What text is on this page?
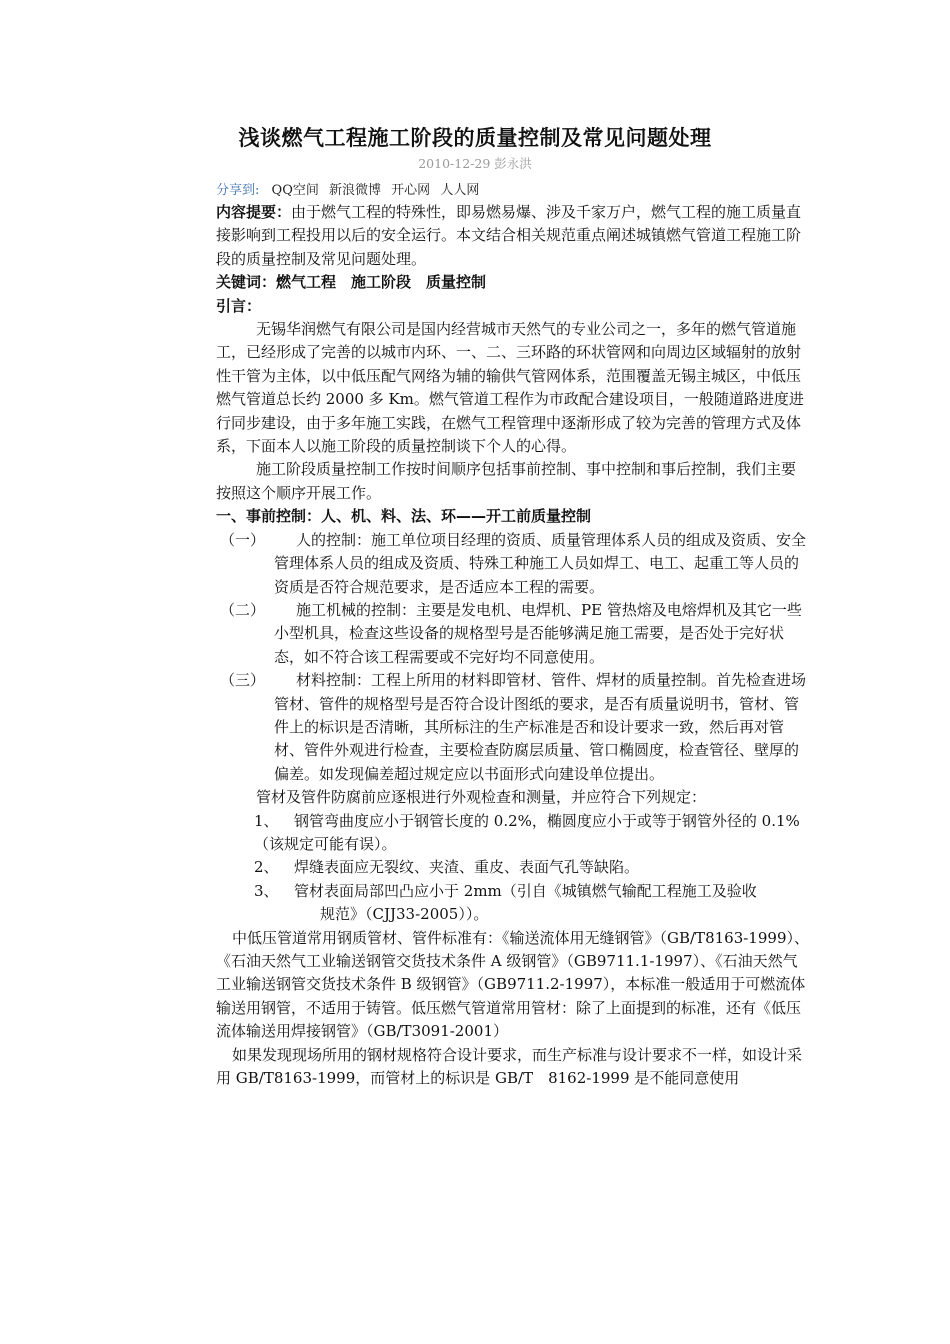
浅谈燃气工程施工阶段的质量控制及常见问题处理
2010-12-29 彭永洪
分享到: QQ空间 新浪微博 开心网 人人网

内容提要：由于燃气工程的特殊性，即易燃易爆、涉及千家万户，燃气工程的施工质量直接影响到工程投用以后的安全运行。本文结合相关规范重点阐述城镇燃气管道工程施工阶段的质量控制及常见问题处理。

关键词：燃气工程　施工阶段　质量控制

引言：

无锡华润燃气有限公司是国内经营城市天然气的专业公司之一，多年的燃气管道施工，已经形成了完善的以城市内环、一、二、三环路的环状管网和向周边区域辐射的放射性干管为主体，以中低压配气网络为辅的输供气管网体系，范围覆盖无锡主城区，中低压燃气管道总长约 2000 多 Km。燃气管道工程作为市政配合建设项目，一般随道路进度进行同步建设，由于多年施工实践，在燃气工程管理中逐渐形成了较为完善的管理方式及体系，下面本人以施工阶段的质量控制谈下个人的心得。

施工阶段质量控制工作按时间顺序包括事前控制、事中控制和事后控制，我们主要按照这个顺序开展工作。

一、事前控制：人、机、料、法、环——开工前质量控制

（一）	人的控制：施工单位项目经理的资质、质量管理体系人员的组成及资质、安全管理体系人员的组成及资质、特殊工种施工人员如焊工、电工、起重工等人员的资质是否符合规范要求，是否适应本工程的需要。
（二）	施工机械的控制：主要是发电机、电焊机、PE 管热熔及电熔焊机及其它一些小型机具，检查这些设备的规格型号是否能够满足施工需要，是否处于完好状态，如不符合该工程需要或不完好均不同意使用。
（三）	材料控制：工程上所用的材料即管材、管件、焊材的质量控制。首先检查进场管材、管件的规格型号是否符合设计图纸的要求，是否有质量说明书，管材、管件上的标识是否清晰，其所标注的生产标准是否和设计要求一致，然后再对管材、管件外观进行检查，主要检查防腐层质量、管口椭圆度，检查管径、壁厚的偏差。如发现偏差超过规定应以书面形式向建设单位提出。

管材及管件防腐前应逐根进行外观检查和测量，并应符合下列规定：

1、 钢管弯曲度应小于钢管长度的 0.2%，椭圆度应小于或等于钢管外径的 0.1%（该规定可能有误）。

2、 焊缝表面应无裂纹、夹渣、重皮、表面气孔等缺陷。

3、 管材表面局部凹凸应小于 2mm（引自《城镇燃气输配工程施工及验收
规范》（CJJ33-2005））。

中低压管道常用钢质管材、管件标准有：《输送流体用无缝钢管》（GB/T8163-1999）、《石油天然气工业输送钢管交货技术条件 A 级钢管》（GB9711.1-1997）、《石油天然气工业输送钢管交货技术条件 B 级钢管》（GB9711.2-1997），本标准一般适用于可燃流体输送用钢管，不适用于铸管。低压燃气管道常用管材：除了上面提到的标准，还有《低压流体输送用焊接钢管》（GB/T3091-2001）

如果发现现场所用的钢材规格符合设计要求，而生产标准与设计要求不一样，如设计采用 GB/T8163-1999，而管材上的标识是 GB/T　8162-1999 是不能同意使用
